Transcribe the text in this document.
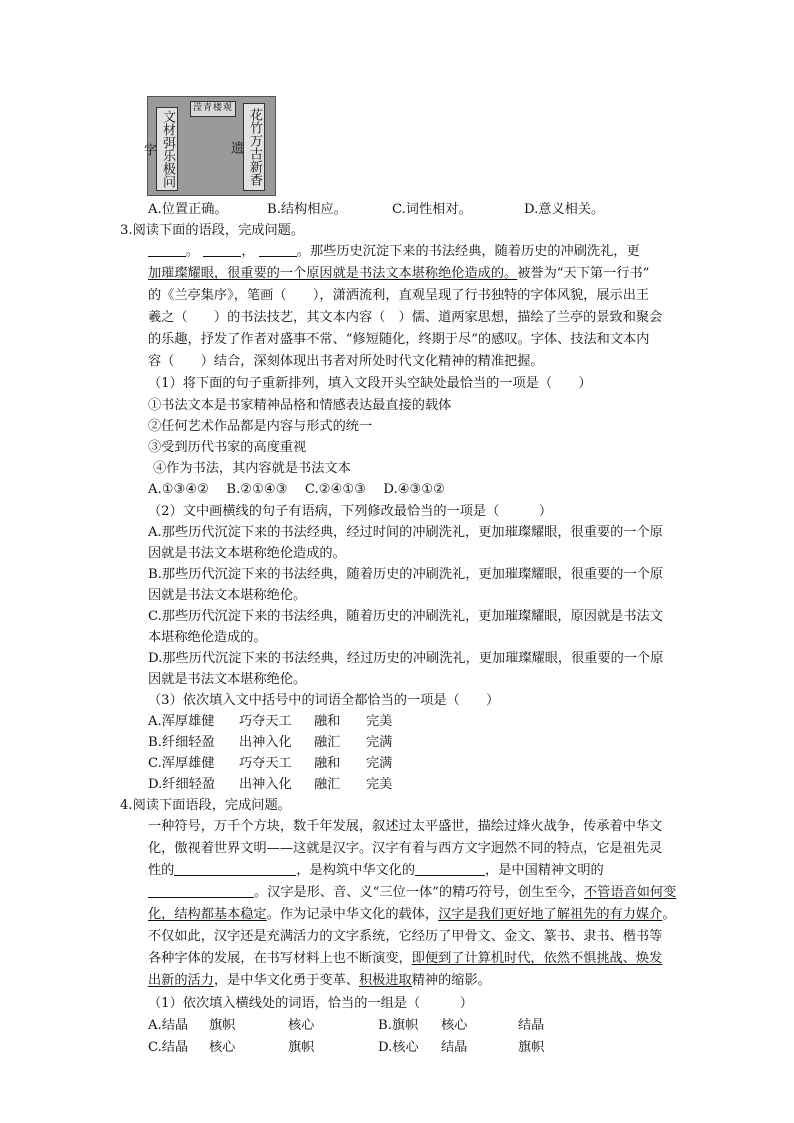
滢青楼观
文材弭乐极问字	花竹万古新香遗
A.位置正确。	B.结构相应。	C.词性相对。	D.意义相关。
3.阅读下面的语段，完成问题。
。	，	。那些历史沉淀下来的书法经典，随着历史的冲刷洗礼，更
加璀璨耀眼，很重要的一个原因就是书法文本堪称绝伦造成的。被誉为“天下第一行书”
的《兰亭集序》，笔画（　　），潇洒流利，直观呈现了行书独特的字体风貌，展示出王
羲之（　　）的书法技艺，其文本内容（　）儒、道两家思想，描绘了兰亭的景致和聚会
的乐趣，抒发了作者对盛事不常、“修短随化，终期于尽”的感叹。字体、技法和文本内
容（　　）结合，深刻体现出书者对所处时代文化精神的精准把握。
（1）将下面的句子重新排列，填入文段开头空缺处最恰当的一项是（　　）
①书法文本是书家精神品格和情感表达最直接的载体
②任何艺术作品都是内容与形式的统一
③受到历代书家的高度重视
④作为书法，其内容就是书法文本
A.①③④②　 B.②①④③　 C.②④①③　 D.④③①②
（2）文中画横线的句子有语病，下列修改最恰当的一项是（　　　）
A.那些历代沉淀下来的书法经典，经过时间的冲刷洗礼，更加璀璨耀眼，很重要的一个原
因就是书法文本堪称绝伦造成的。
B.那些历代沉淀下来的书法经典，随着历史的冲刷洗礼，更加璀璨耀眼，很重要的一个原
因就是书法文本堪称绝伦。
C.那些历代沉淀下来的书法经典，随着历史的冲刷洗礼，更加璀璨耀眼，原因就是书法文
本堪称绝伦造成的。
D.那些历代沉淀下来的书法经典，经过历史的冲刷洗礼，更加璀璨耀眼，很重要的一个原
因就是书法文本堪称绝伦。
（3）依次填入文中括号中的词语全都恰当的一项是（　　）
A.浑厚雄健 巧夺天工 融和 完美
B.纤细轻盈 出神入化 融汇 完满
C.浑厚雄健 巧夺天工 融和 完满
D.纤细轻盈 出神入化 融汇 完美
4.阅读下面语段，完成问题。
一种符号，万千个方块，数千年发展，叙述过太平盛世，描绘过烽火战争，传承着中华文
化，傲视着世界文明——这就是汉字。汉字有着与西方文字迥然不同的特点，它是祖先灵
性的	，是构筑中华文化的	，是中国精神文明的
。汉字是形、音、义“三位一体”的精巧符号，创生至今，不管语音如何变
化，结构都基本稳定。作为记录中华文化的载体，汉字是我们更好地了解祖先的有力媒介。
不仅如此，汉字还是充满活力的文字系统，它经历了甲骨文、金文、篆书、隶书、楷书等
各种字体的发展，在书写材料上也不断演变，即便到了计算机时代，依然不惧挑战、焕发
出新的活力，是中华文化勇于变革、积极进取精神的缩影。
（1）依次填入横线处的词语，恰当的一组是（　　　）
A.结晶 旗帜	核心	B.旗帜 核心	结晶
C.结晶 核心	旗帜	D.核心 结晶	旗帜
